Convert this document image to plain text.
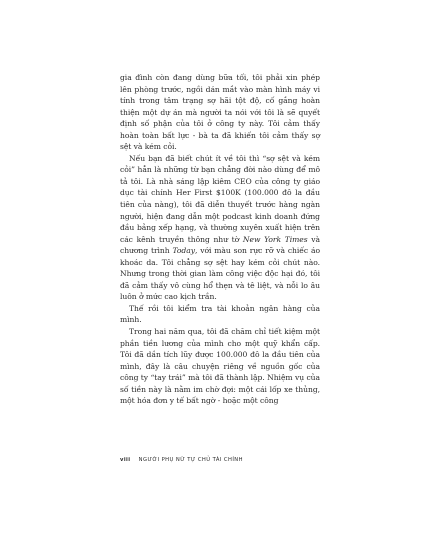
gia đình còn đang dùng bữa tối, tôi phải xin phép lên phòng trước, ngồi dán mắt vào màn hình máy vi tính trong tâm trạng sợ hãi tột độ, cố gắng hoàn thiện một dự án mà người ta nói với tôi là sẽ quyết định số phận của tôi ở công ty này. Tôi cảm thấy hoàn toàn bất lực - bà ta đã khiến tôi cảm thấy sợ sệt và kém cỏi.

Nếu bạn đã biết chút ít về tôi thì “sợ sệt và kém cỏi” hẳn là những từ bạn chẳng đời nào dùng để mô tả tôi. Là nhà sáng lập kiêm CEO của công ty giáo dục tài chính Her First $100K (100.000 đô la đầu tiên của nàng), tôi đã diễn thuyết trước hàng ngàn người, hiện đang dẫn một podcast kinh doanh đứng đầu bảng xếp hạng, và thường xuyên xuất hiện trên các kênh truyền thông như tờ New York Times và chương trình Today, với màu son rực rỡ và chiếc áo khoác da. Tôi chẳng sợ sệt hay kém cỏi chút nào. Nhưng trong thời gian làm công việc độc hại đó, tôi đã cảm thấy vô cùng hổ thẹn và tê liệt, và nỗi lo âu luôn ở mức cao kịch trần.

Thế rồi tôi kiểm tra tài khoản ngân hàng của mình.

Trong hai năm qua, tôi đã chăm chỉ tiết kiệm một phần tiền lương của mình cho một quỹ khẩn cấp. Tôi đã dần tích lũy được 100.000 đô la đầu tiên của mình, đây là câu chuyện riêng về nguồn gốc của công ty “tay trái” mà tôi đã thành lập. Nhiệm vụ của số tiền này là nằm im chờ đợi: một cái lốp xe thủng, một hóa đơn y tế bất ngờ - hoặc một công

viii NGƯỜI PHỤ NỮ TỰ CHỦ TÀI CHÍNH
